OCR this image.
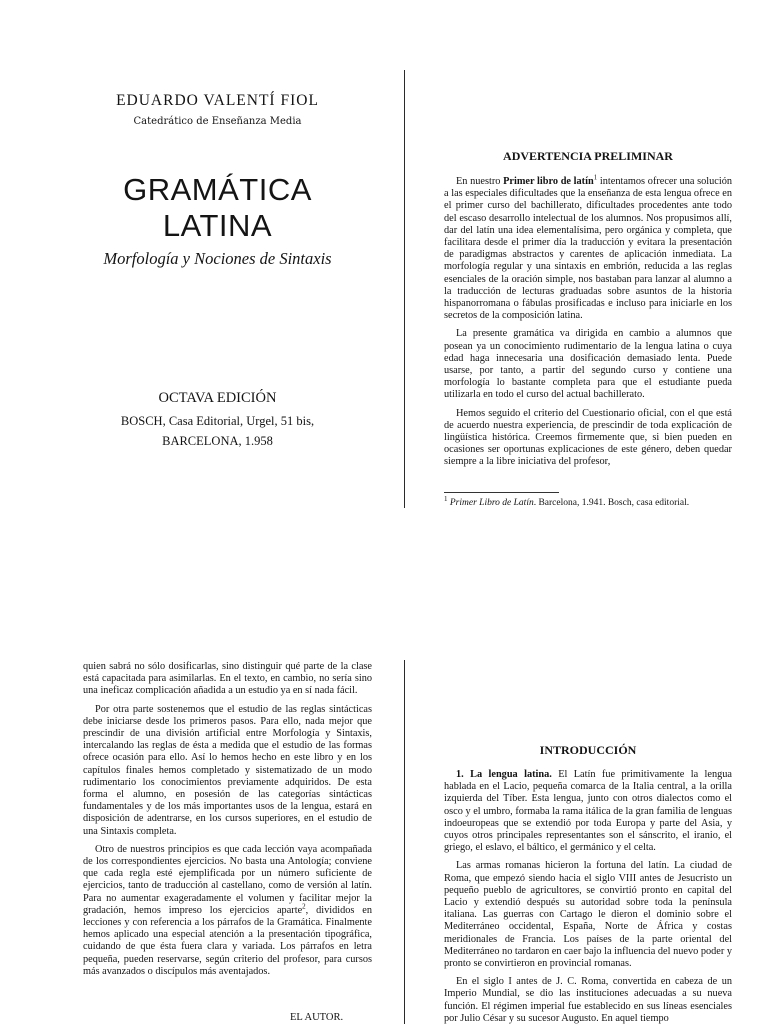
EDUARDO VALENTÍ FIOL
Catedrático de Enseñanza Media
GRAMÁTICA
LATINA
Morfología y Nociones de Sintaxis
OCTAVA EDICIÓN
BOSCH, Casa Editorial, Urgel, 51 bis,
BARCELONA, 1.958
ADVERTENCIA PRELIMINAR

En nuestro Primer libro de latín$^1$ intentamos ofrecer una solución a las especiales dificultades que la enseñanza de esta lengua ofrece en el primer curso del bachillerato, dificultades procedentes ante todo del escaso desarrollo intelectual de los alumnos. Nos propusimos allí, dar del latín una idea elementalísima, pero orgánica y completa, que facilitara desde el primer día la traducción y evitara la presentación de paradigmas abstractos y carentes de aplicación inmediata. La morfología regular y una sintaxis en embrión, reducida a las reglas esenciales de la oración simple, nos bastaban para lanzar al alumno a la traducción de lecturas graduadas sobre asuntos de la historia hispanorromana o fábulas prosificadas e incluso para iniciarle en los secretos de la composición latina.

La presente gramática va dirigida en cambio a alumnos que posean ya un conocimiento rudimentario de la lengua latina o cuya edad haga innecesaria una dosificación demasiado lenta. Puede usarse, por tanto, a partir del segundo curso y contiene una morfología lo bastante completa para que el estudiante pueda utilizarla en todo el curso del actual bachillerato.

Hemos seguido el criterio del Cuestionario oficial, con el que está de acuerdo nuestra experiencia, de prescindir de toda explicación de lingüística histórica. Creemos firmemente que, si bien pueden en ocasiones ser oportunas explicaciones de este género, deben quedar siempre a la libre iniciativa del profesor,

$^1$ Primer Libro de Latín. Barcelona, 1.941. Bosch, casa editorial.

quien sabrá no sólo dosificarlas, sino distinguir qué parte de la clase está capacitada para asimilarlas. En el texto, en cambio, no sería sino una ineficaz complicación añadida a un estudio ya en sí nada fácil.

Por otra parte sostenemos que el estudio de las reglas sintácticas debe iniciarse desde los primeros pasos. Para ello, nada mejor que prescindir de una división artificial entre Morfología y Sintaxis, intercalando las reglas de ésta a medida que el estudio de las formas ofrece ocasión para ello. Así lo hemos hecho en este libro y en los capítulos finales hemos completado y sistematizado de un modo rudimentario los conocimientos previamente adquiridos. De esta forma el alumno, en posesión de las categorías sintácticas fundamentales y de los más importantes usos de la lengua, estará en disposición de adentrarse, en los cursos superiores, en el estudio de una Sintaxis completa.

Otro de nuestros principios es que cada lección vaya acompañada de los correspondientes ejercicios. No basta una Antología; conviene que cada regla esté ejemplificada por un número suficiente de ejercicios, tanto de traducción al castellano, como de versión al latín. Para no aumentar exageradamente el volumen y facilitar mejor la gradación, hemos impreso los ejercicios aparte$^2$, divididos en lecciones y con referencia a los párrafos de la Gramática. Finalmente hemos aplicado una especial atención a la presentación tipográfica, cuidando de que ésta fuera clara y variada. Los párrafos en letra pequeña, pueden reservarse, según criterio del profesor, para cursos más avanzados o discípulos más aventajados.

EL AUTOR.
INTRODUCCIÓN

1. La lengua latina. El Latín fue primitivamente la lengua hablada en el Lacio, pequeña comarca de la Italia central, a la orilla izquierda del Tíber. Esta lengua, junto con otros dialectos como el osco y el umbro, formaba la rama itálica de la gran familia de lenguas indoeuropeas que se extendió por toda Europa y parte del Asia, y cuyos otros principales representantes son el sánscrito, el iranio, el griego, el eslavo, el báltico, el germánico y el celta.

Las armas romanas hicieron la fortuna del latín. La ciudad de Roma, que empezó siendo hacia el siglo VIII antes de Jesucristo un pequeño pueblo de agricultores, se convirtió pronto en capital del Lacio y extendió después su autoridad sobre toda la península italiana. Las guerras con Cartago le dieron el dominio sobre el Mediterráneo occidental, España, Norte de África y costas meridionales de Francia. Los países de la parte oriental del Mediterráneo no tardaron en caer bajo la influencia del nuevo poder y pronto se convirtieron en provincial romanas.

En el siglo I antes de J. C. Roma, convertida en cabeza de un Imperio Mundial, se dio las instituciones adecuadas a su nueva función. El régimen imperial fue establecido en sus líneas esenciales por Julio César y su sucesor Augusto. En aquel tiempo
